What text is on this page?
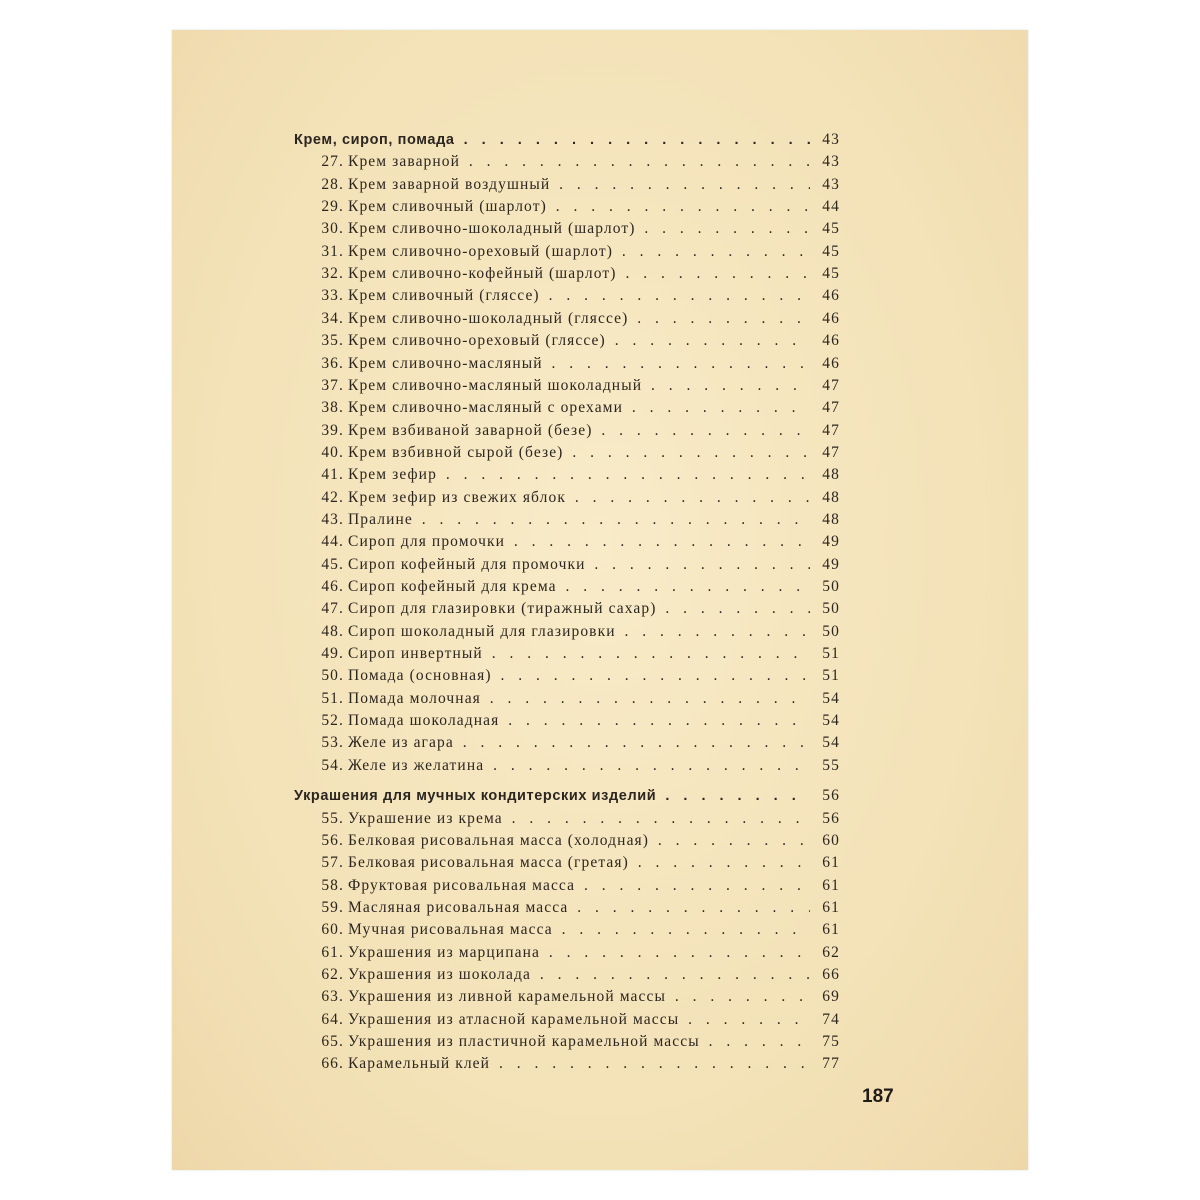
Крем, сироп, помада . . .	43
27. Крем заварной . . .	43
28. Крем заварной воздушный . . .	43
29. Крем сливочный (шарлот) . . .	44
30. Крем сливочно-шоколадный (шарлот) . . .	45
31. Крем сливочно-ореховый (шарлот) . . .	45
32. Крем сливочно-кофейный (шарлот) . . .	45
33. Крем сливочный (гляссе) . . .	46
34. Крем сливочно-шоколадный (гляссе) . . .	46
35. Крем сливочно-ореховый (гляссе) . . .	46
36. Крем сливочно-масляный . . .	46
37. Крем сливочно-масляный шоколадный . . .	47
38. Крем сливочно-масляный с орехами . . .	47
39. Крем взбиваной заварной (безе) . . .	47
40. Крем взбивной сырой (безе) . . .	47
41. Крем зефир . . .	48
42. Крем зефир из свежих яблок . . .	48
43. Пралине . . .	48
44. Сироп для промочки . . .	49
45. Сироп кофейный для промочки . . .	49
46. Сироп кофейный для крема . . .	50
47. Сироп для глазировки (тиражный сахар) . . .	50
48. Сироп шоколадный для глазировки . . .	50
49. Сироп инвертный . . .	51
50. Помада (основная) . . .	51
51. Помада молочная . . .	54
52. Помада шоколадная . . .	54
53. Желе из агара . . .	54
54. Желе из желатина . . .	55
Украшения для мучных кондитерских изделий . . .	56
55. Украшение из крема . . .	56
56. Белковая рисовальная масса (холодная) . . .	60
57. Белковая рисовальная масса (гретая) . . .	61
58. Фруктовая рисовальная масса . . .	61
59. Масляная рисовальная масса . . .	61
60. Мучная рисовальная масса . . .	61
61. Украшения из марципана . . .	62
62. Украшения из шоколада . . .	66
63. Украшения из ливной карамельной массы . . .	69
64. Украшения из атласной карамельной массы . . .	74
65. Украшения из пластичной карамельной массы . . .	75
66. Карамельный клей . . .	77
187
